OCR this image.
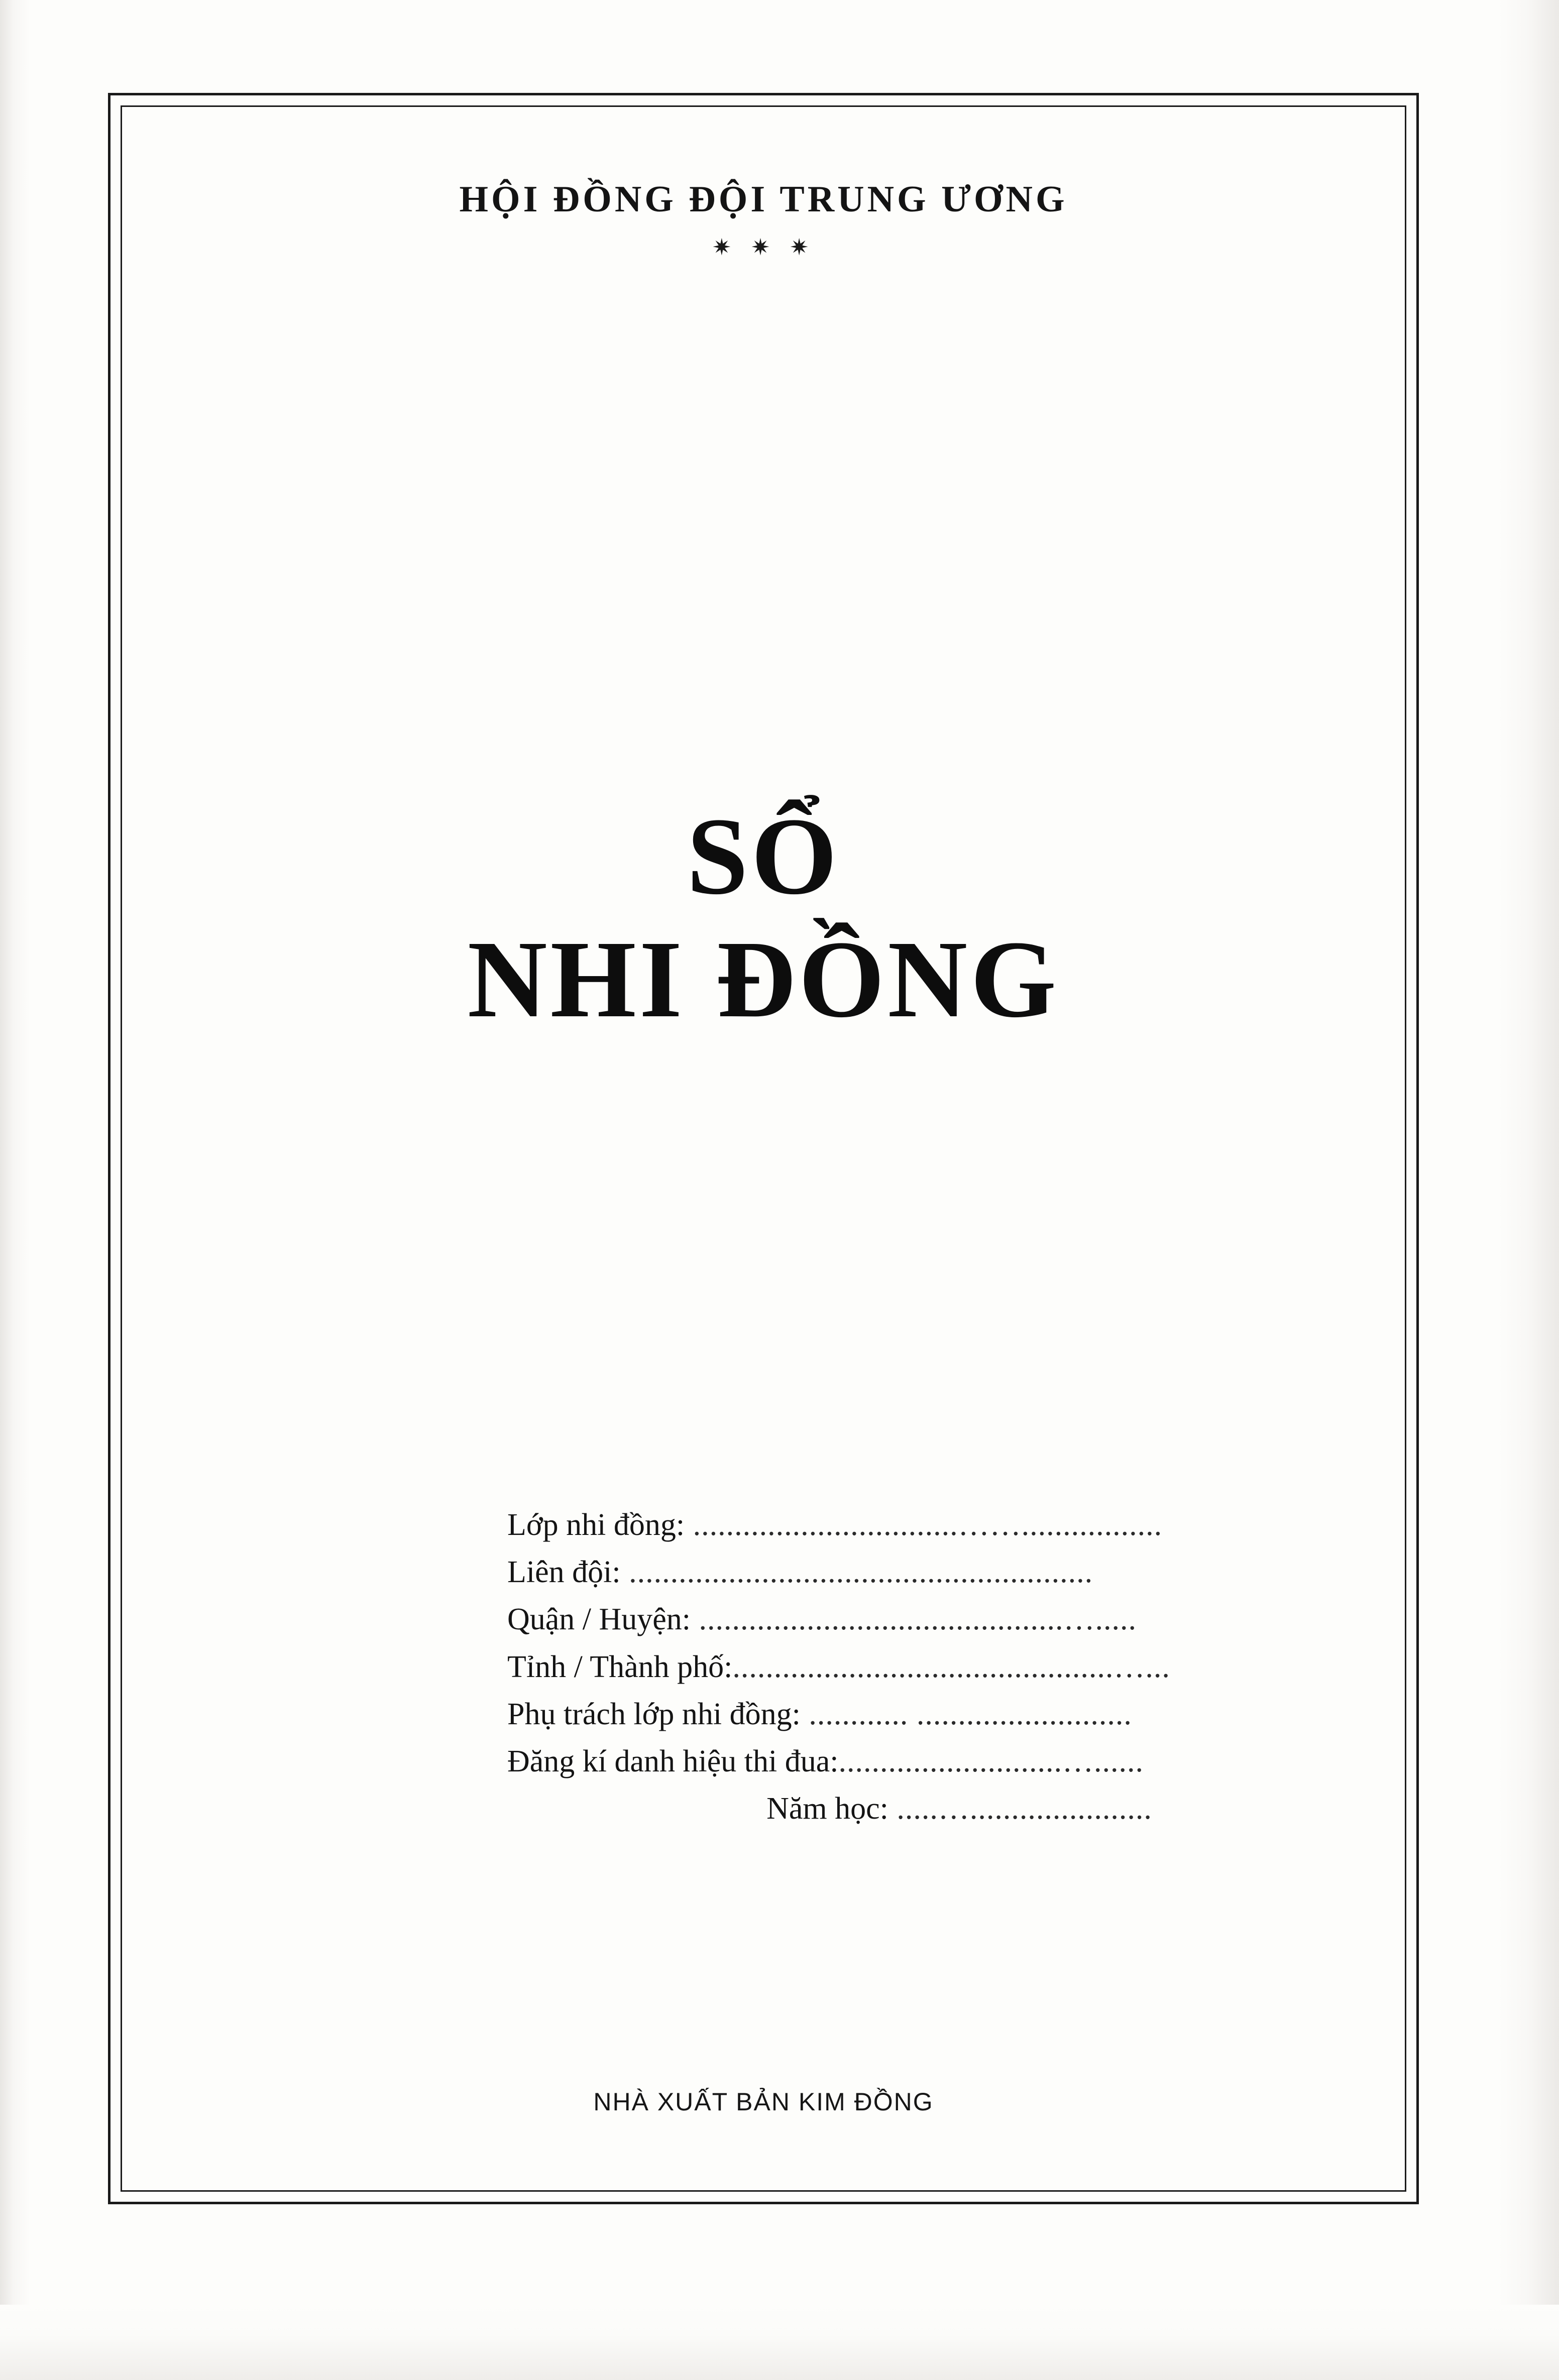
HỘI ĐỒNG ĐỘI TRUNG ƯƠNG
✷ ✷ ✷
SỔ
NHI ĐỒNG
Lớp nhi đồng: ................................…….................
Liên đội: ........................................................
Quận / Huyện: ............................................….....
Tỉnh / Thành phố:..............................................…...
Phụ trách lớp nhi đồng: ............ ..........................
Đăng kí danh hiệu thi đua:...........................…......
Năm học: .....…......................
NHÀ XUẤT BẢN KIM ĐỒNG
